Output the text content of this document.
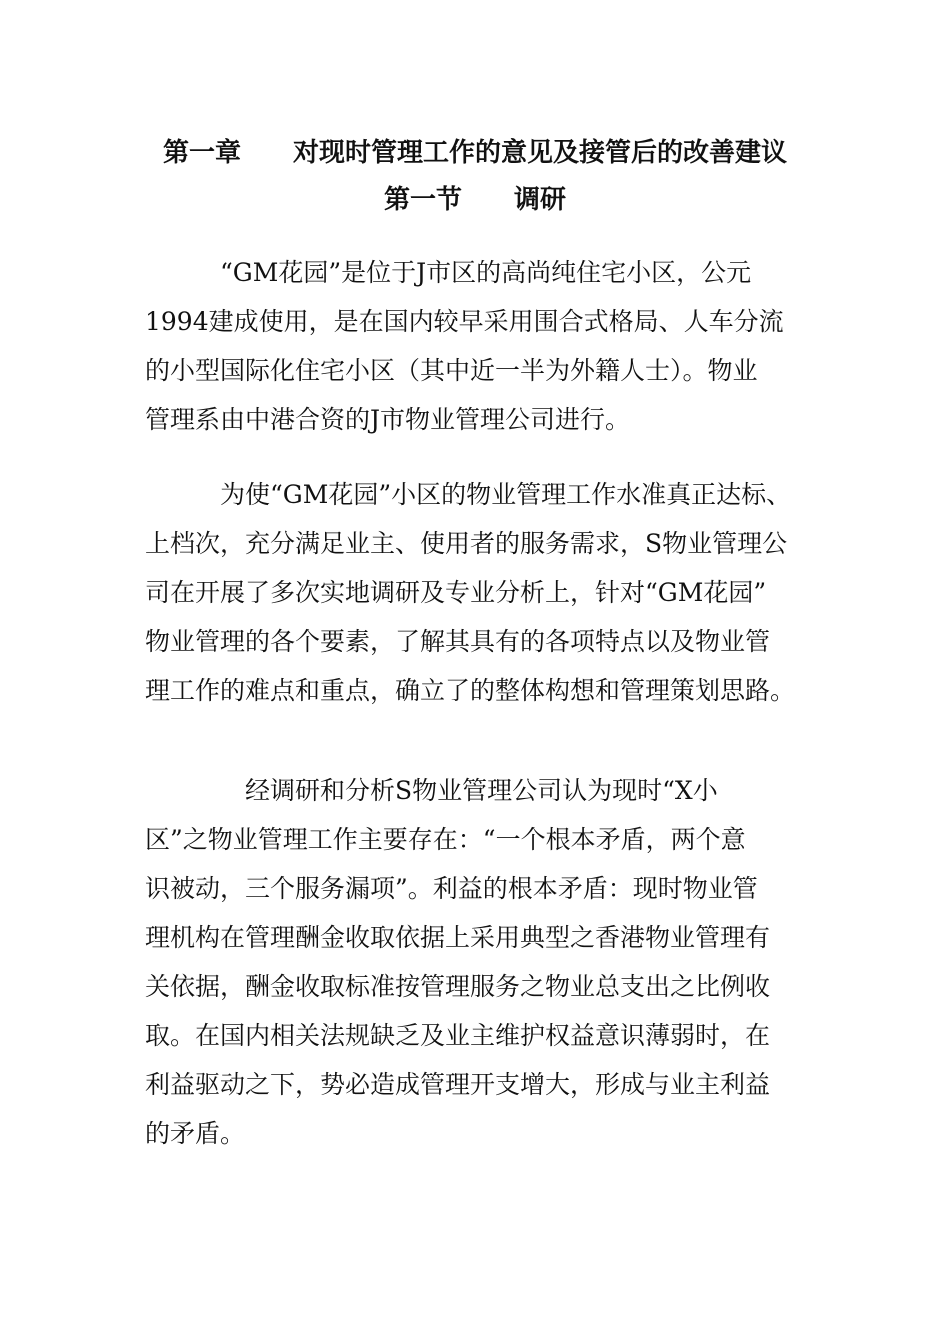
第一章　　对现时管理工作的意见及接管后的改善建议
第一节　　调研
　　　“GM花园”是位于J市区的高尚纯住宅小区，公元
1994建成使用，是在国内较早采用围合式格局、人车分流
的小型国际化住宅小区（其中近一半为外籍人士）。物业
管理系由中港合资的J市物业管理公司进行。
　　　为使“GM花园”小区的物业管理工作水准真正达标、
上档次，充分满足业主、使用者的服务需求，S物业管理公
司在开展了多次实地调研及专业分析上，针对“GM花园”
物业管理的各个要素，了解其具有的各项特点以及物业管
理工作的难点和重点，确立了的整体构想和管理策划思路。
　　　　经调研和分析S物业管理公司认为现时“X小
区”之物业管理工作主要存在：“一个根本矛盾，两个意
识被动，三个服务漏项”。利益的根本矛盾：现时物业管
理机构在管理酬金收取依据上采用典型之香港物业管理有
关依据，酬金收取标准按管理服务之物业总支出之比例收
取。在国内相关法规缺乏及业主维护权益意识薄弱时，在
利益驱动之下，势必造成管理开支增大，形成与业主利益
的矛盾。
